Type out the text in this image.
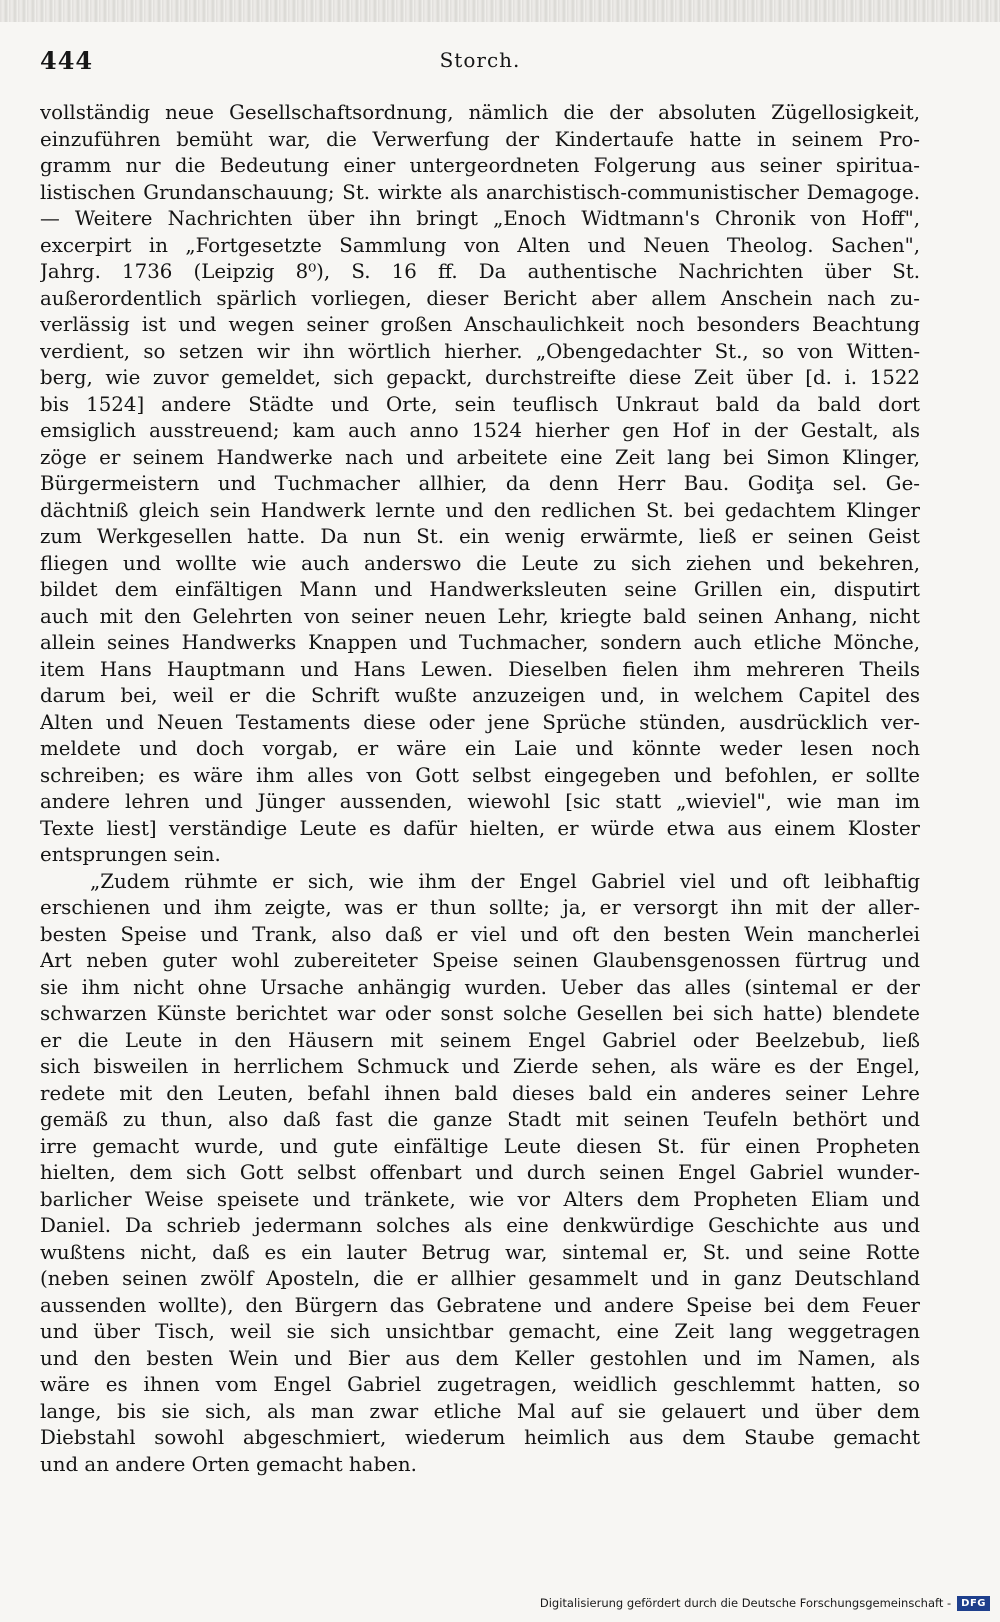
444	Storch.
vollständig neue Gesellschaftsordnung, nämlich die der absoluten Zügellosigkeit,
einzuführen bemüht war, die Verwerfung der Kindertaufe hatte in seinem Pro-
gramm nur die Bedeutung einer untergeordneten Folgerung aus seiner spiritua-
listischen Grundanschauung; St. wirkte als anarchistisch-communistischer Demagoge.
— Weitere Nachrichten über ihn bringt „Enoch Widtmann's Chronik von Hoff",
excerpirt in „Fortgesetzte Sammlung von Alten und Neuen Theolog. Sachen",
Jahrg. 1736 (Leipzig 8⁰), S. 16 ff. Da authentische Nachrichten über St.
außerordentlich spärlich vorliegen, dieser Bericht aber allem Anschein nach zu-
verlässig ist und wegen seiner großen Anschaulichkeit noch besonders Beachtung
verdient, so setzen wir ihn wörtlich hierher. „Obengedachter St., so von Witten-
berg, wie zuvor gemeldet, sich gepackt, durchstreifte diese Zeit über [d. i. 1522
bis 1524] andere Städte und Orte, sein teuflisch Unkraut bald da bald dort
emsiglich ausstreuend; kam auch anno 1524 hierher gen Hof in der Gestalt, als
zöge er seinem Handwerke nach und arbeitete eine Zeit lang bei Simon Klinger,
Bürgermeistern und Tuchmacher allhier, da denn Herr Bau. Godiţa sel. Ge-
dächtniß gleich sein Handwerk lernte und den redlichen St. bei gedachtem Klinger
zum Werkgesellen hatte. Da nun St. ein wenig erwärmte, ließ er seinen Geist
fliegen und wollte wie auch anderswo die Leute zu sich ziehen und bekehren,
bildet dem einfältigen Mann und Handwerksleuten seine Grillen ein, disputirt
auch mit den Gelehrten von seiner neuen Lehr, kriegte bald seinen Anhang, nicht
allein seines Handwerks Knappen und Tuchmacher, sondern auch etliche Mönche,
item Hans Hauptmann und Hans Lewen. Dieselben fielen ihm mehreren Theils
darum bei, weil er die Schrift wußte anzuzeigen und, in welchem Capitel des
Alten und Neuen Testaments diese oder jene Sprüche stünden, ausdrücklich ver-
meldete und doch vorgab, er wäre ein Laie und könnte weder lesen noch
schreiben; es wäre ihm alles von Gott selbst eingegeben und befohlen, er sollte
andere lehren und Jünger aussenden, wiewohl [sic statt „wieviel", wie man im
Texte liest] verständige Leute es dafür hielten, er würde etwa aus einem Kloster
entsprungen sein.
„Zudem rühmte er sich, wie ihm der Engel Gabriel viel und oft leibhaftig
erschienen und ihm zeigte, was er thun sollte; ja, er versorgt ihn mit der aller-
besten Speise und Trank, also daß er viel und oft den besten Wein mancherlei
Art neben guter wohl zubereiteter Speise seinen Glaubensgenossen fürtrug und
sie ihm nicht ohne Ursache anhängig wurden. Ueber das alles (sintemal er der
schwarzen Künste berichtet war oder sonst solche Gesellen bei sich hatte) blendete
er die Leute in den Häusern mit seinem Engel Gabriel oder Beelzebub, ließ
sich bisweilen in herrlichem Schmuck und Zierde sehen, als wäre es der Engel,
redete mit den Leuten, befahl ihnen bald dieses bald ein anderes seiner Lehre
gemäß zu thun, also daß fast die ganze Stadt mit seinen Teufeln bethört und
irre gemacht wurde, und gute einfältige Leute diesen St. für einen Propheten
hielten, dem sich Gott selbst offenbart und durch seinen Engel Gabriel wunder-
barlicher Weise speisete und tränkete, wie vor Alters dem Propheten Eliam und
Daniel. Da schrieb jedermann solches als eine denkwürdige Geschichte aus und
wußtens nicht, daß es ein lauter Betrug war, sintemal er, St. und seine Rotte
(neben seinen zwölf Aposteln, die er allhier gesammelt und in ganz Deutschland
aussenden wollte), den Bürgern das Gebratene und andere Speise bei dem Feuer
und über Tisch, weil sie sich unsichtbar gemacht, eine Zeit lang weggetragen
und den besten Wein und Bier aus dem Keller gestohlen und im Namen, als
wäre es ihnen vom Engel Gabriel zugetragen, weidlich geschlemmt hatten, so
lange, bis sie sich, als man zwar etliche Mal auf sie gelauert und über dem
Diebstahl sowohl abgeschmiert, wiederum heimlich aus dem Staube gemacht
und an andere Orten gemacht haben.
Digitalisierung gefördert durch die Deutsche Forschungsgemeinschaft -	DFG
